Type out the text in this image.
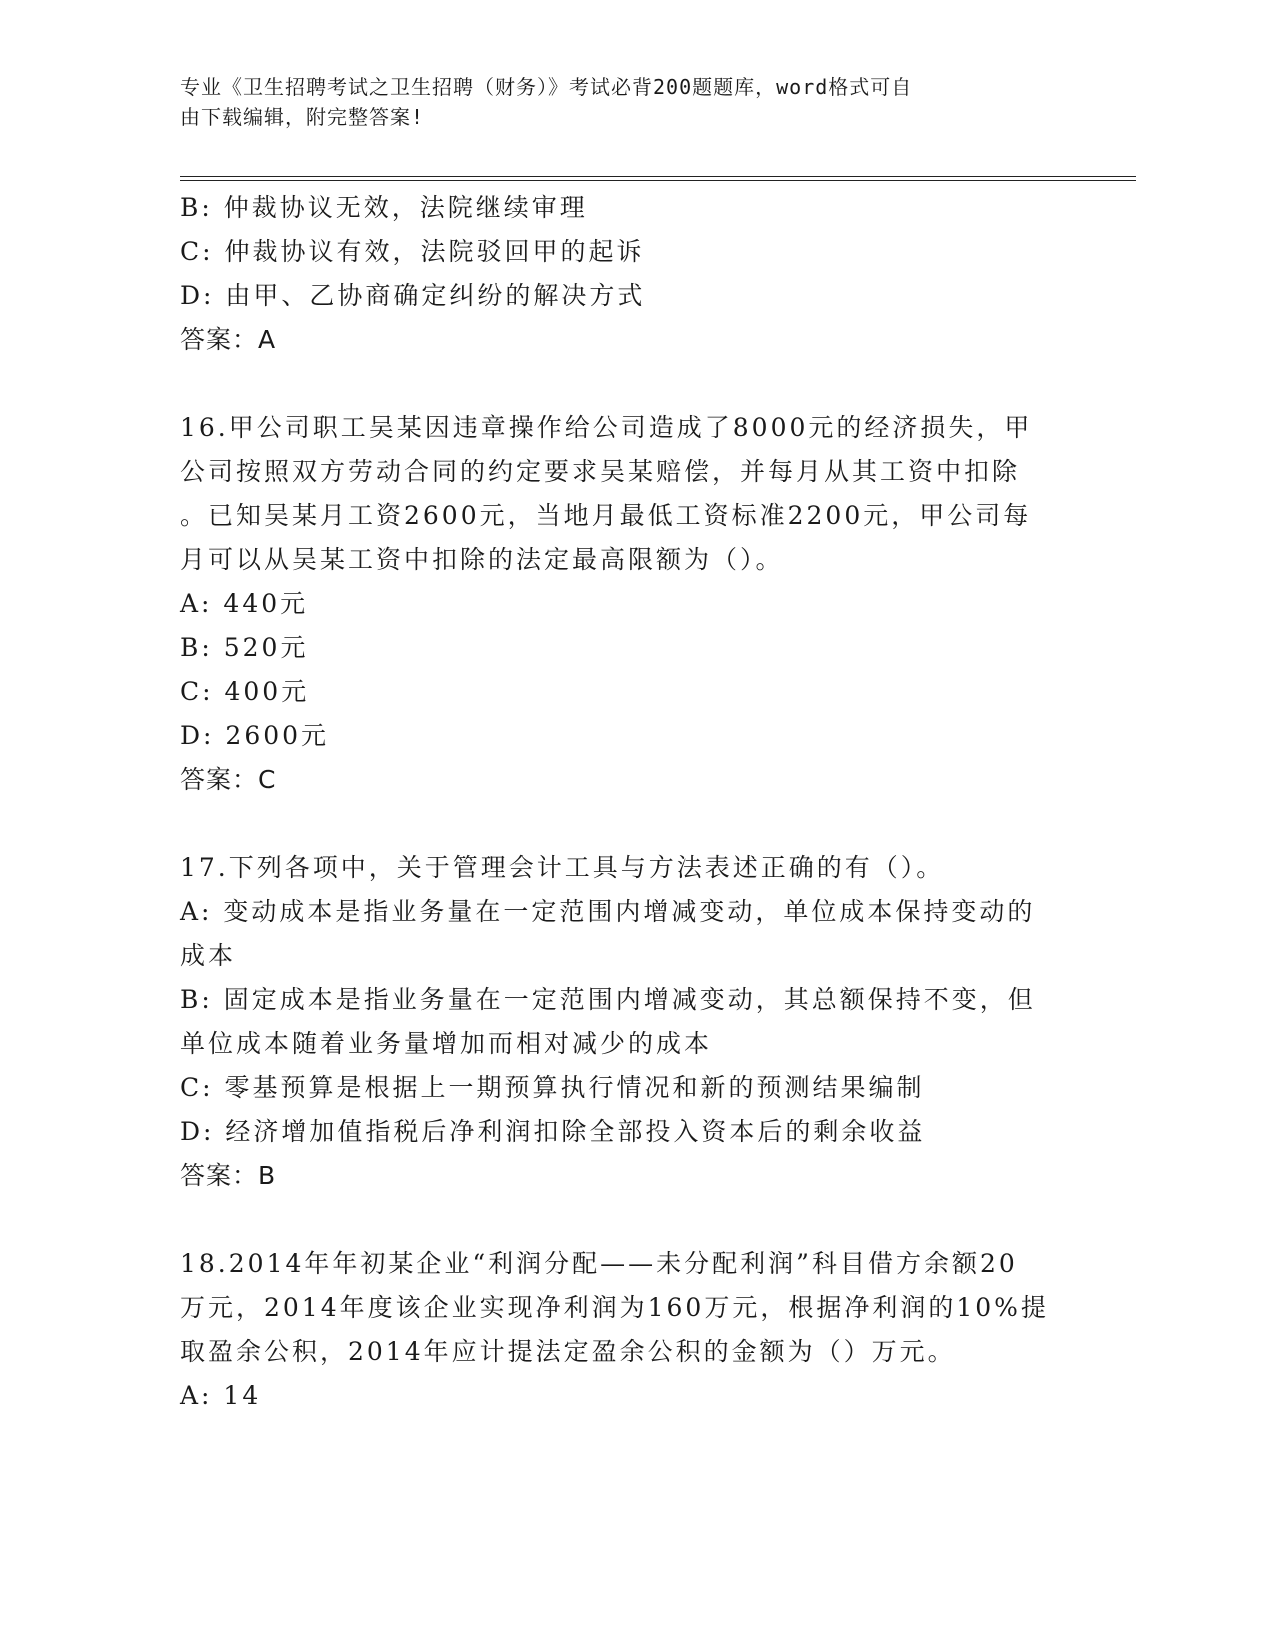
专业《卫生招聘考试之卫生招聘（财务）》考试必背200题题库，word格式可自
由下载编辑，附完整答案!
B: 仲裁协议无效，法院继续审理
C: 仲裁协议有效，法院驳回甲的起诉
D: 由甲、乙协商确定纠纷的解决方式
答案：A
16.甲公司职工吴某因违章操作给公司造成了8000元的经济损失，甲
公司按照双方劳动合同的约定要求吴某赔偿，并每月从其工资中扣除
。已知吴某月工资2600元，当地月最低工资标准2200元，甲公司每
月可以从吴某工资中扣除的法定最高限额为（）。
A: 440元
B: 520元
C: 400元
D: 2600元
答案：C
17.下列各项中，关于管理会计工具与方法表述正确的有（）。
A: 变动成本是指业务量在一定范围内增减变动，单位成本保持变动的
成本
B: 固定成本是指业务量在一定范围内增减变动，其总额保持不变，但
单位成本随着业务量增加而相对减少的成本
C: 零基预算是根据上一期预算执行情况和新的预测结果编制
D: 经济增加值指税后净利润扣除全部投入资本后的剩余收益
答案：B
18.2014年年初某企业“利润分配——未分配利润”科目借方余额20
万元，2014年度该企业实现净利润为160万元，根据净利润的10%提
取盈余公积，2014年应计提法定盈余公积的金额为（）万元。
A: 14
